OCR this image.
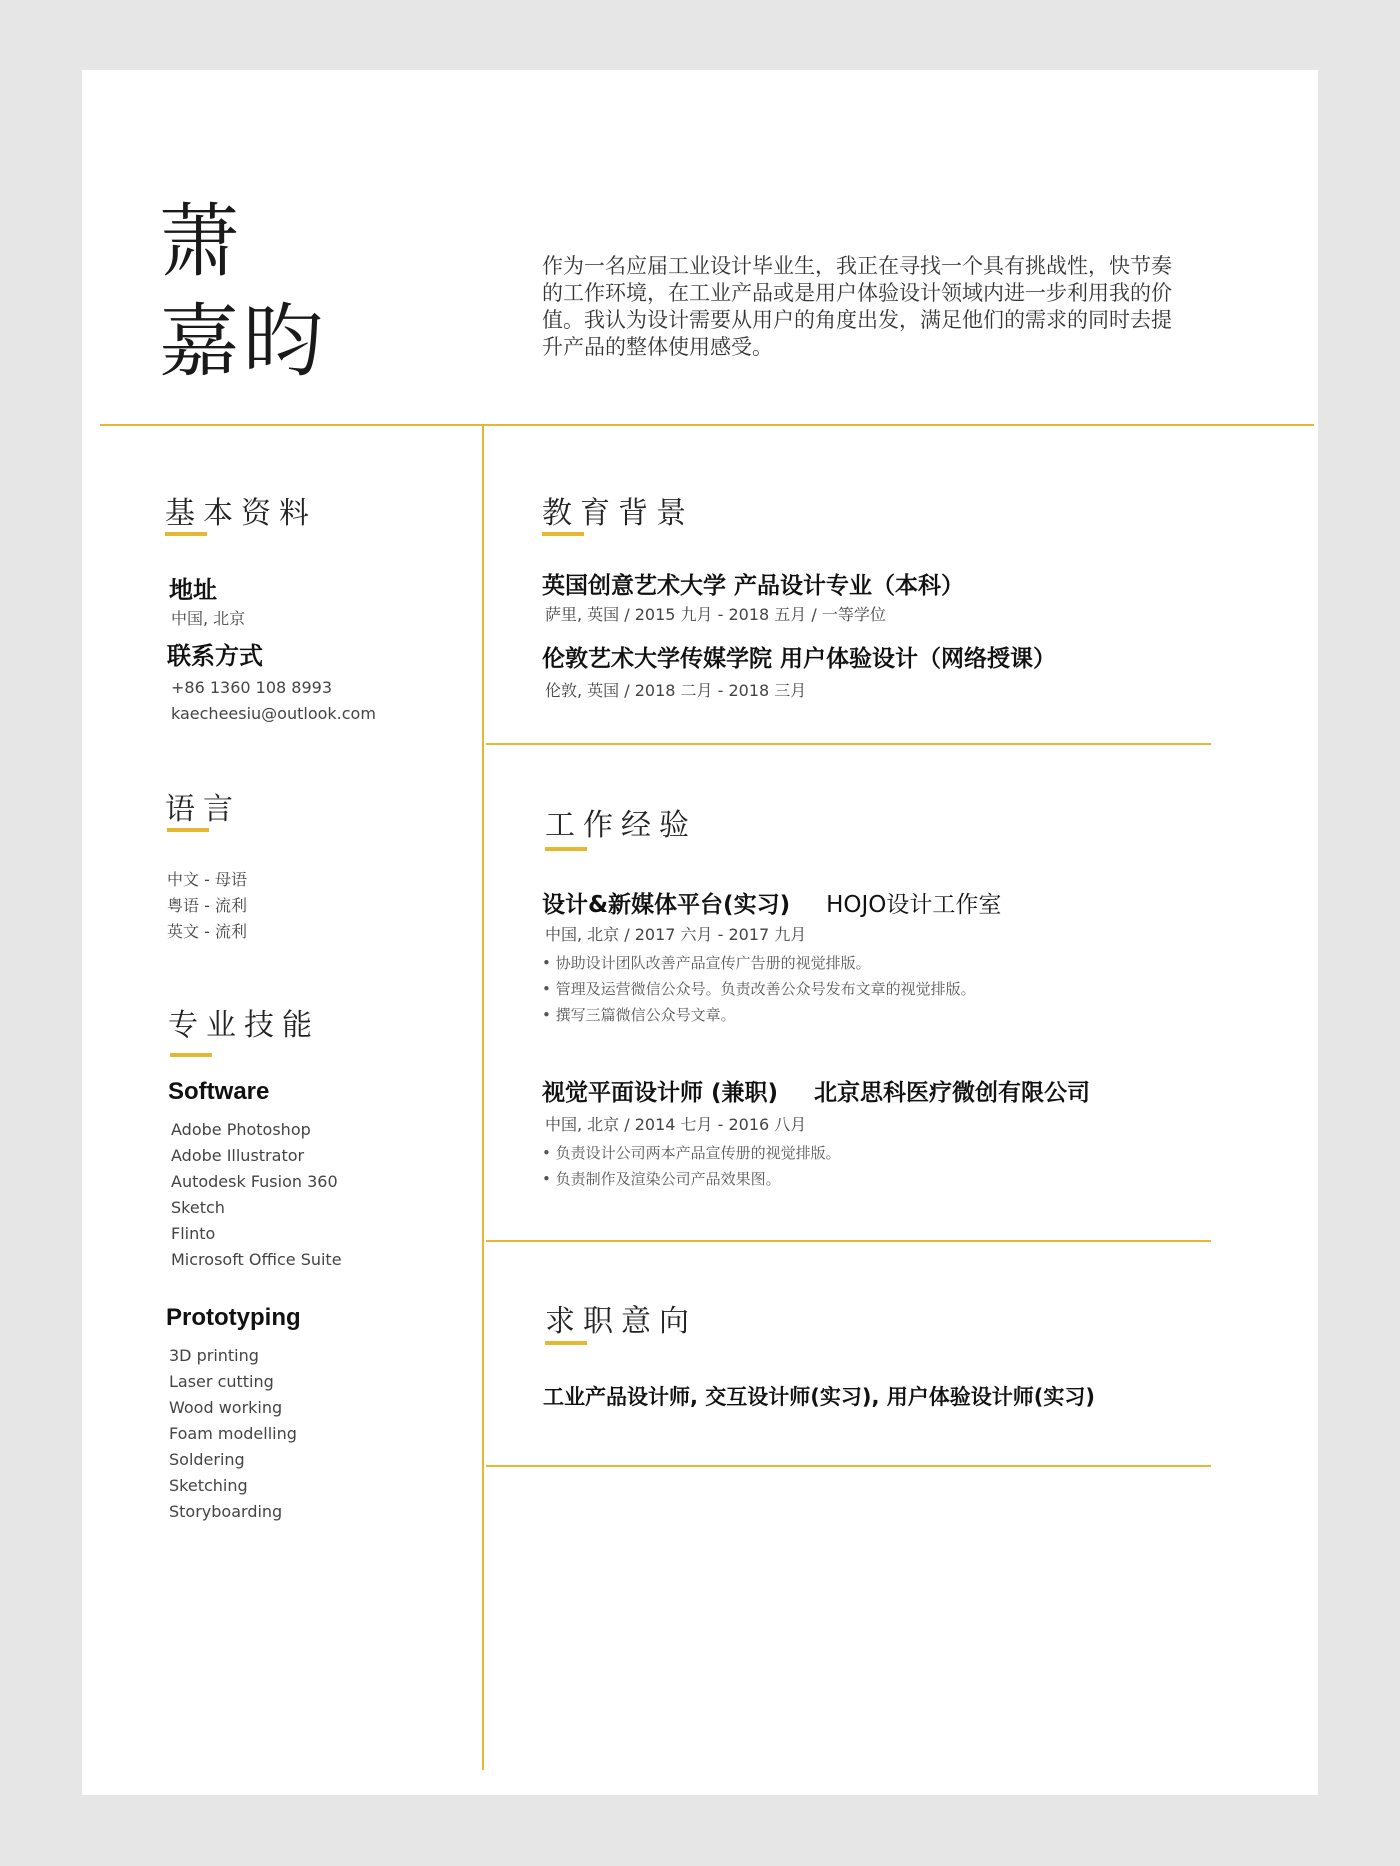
萧
嘉昀
作为一名应届工业设计毕业生，我正在寻找一个具有挑战性，快节奏的工作环境，在工业产品或是用户体验设计领域内进一步利用我的价值。我认为设计需要从用户的角度出发，满足他们的需求的同时去提升产品的整体使用感受。
基本资料
地址
中国, 北京
联系方式
+86 1360 108 8993
kaecheesiu@outlook.com
语言
中文 - 母语
粤语 - 流利
英文 - 流利
专业技能
Software
Adobe Photoshop
Adobe Illustrator
Autodesk Fusion 360
Sketch
Flinto
Microsoft Office Suite
Prototyping
3D printing
Laser cutting
Wood working
Foam modelling
Soldering
Sketching
Storyboarding
教育背景
英国创意艺术大学 产品设计专业（本科）
萨里, 英国 / 2015 九月 - 2018 五月 / 一等学位
伦敦艺术大学传媒学院 用户体验设计（网络授课）
伦敦, 英国 / 2018 二月 - 2018 三月
工作经验
设计&新媒体平台(实习) HOJO设计工作室
中国, 北京 / 2017 六月 - 2017 九月
• 协助设计团队改善产品宣传广告册的视觉排版。
• 管理及运营微信公众号。负责改善公众号发布文章的视觉排版。
• 撰写三篇微信公众号文章。
视觉平面设计师 (兼职) 北京思科医疗微创有限公司
中国, 北京 / 2014 七月 - 2016 八月
• 负责设计公司两本产品宣传册的视觉排版。
• 负责制作及渲染公司产品效果图。
求职意向
工业产品设计师, 交互设计师(实习), 用户体验设计师(实习)
